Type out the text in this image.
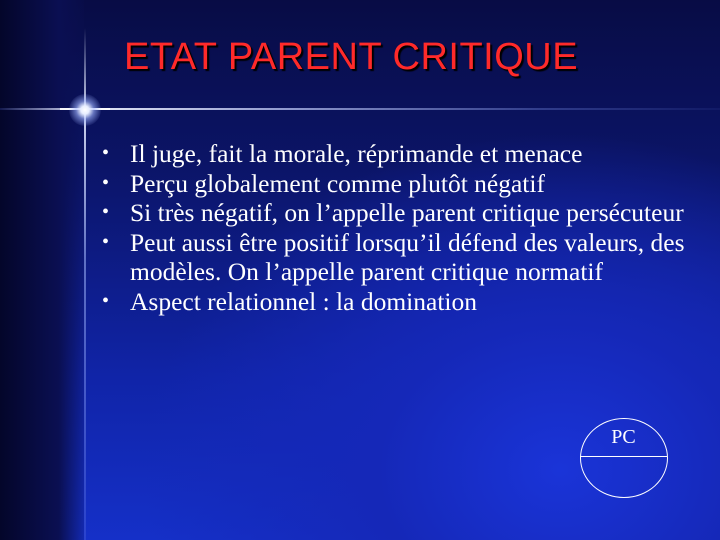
ETAT PARENT CRITIQUE
• Il juge, fait la morale, réprimande et menace
• Perçu globalement comme plutôt négatif
• Si très négatif, on l’appelle parent critique persécuteur
• Peut aussi être positif lorsqu’il défend des valeurs, des modèles. On l’appelle parent critique normatif
• Aspect relationnel : la domination
PC
